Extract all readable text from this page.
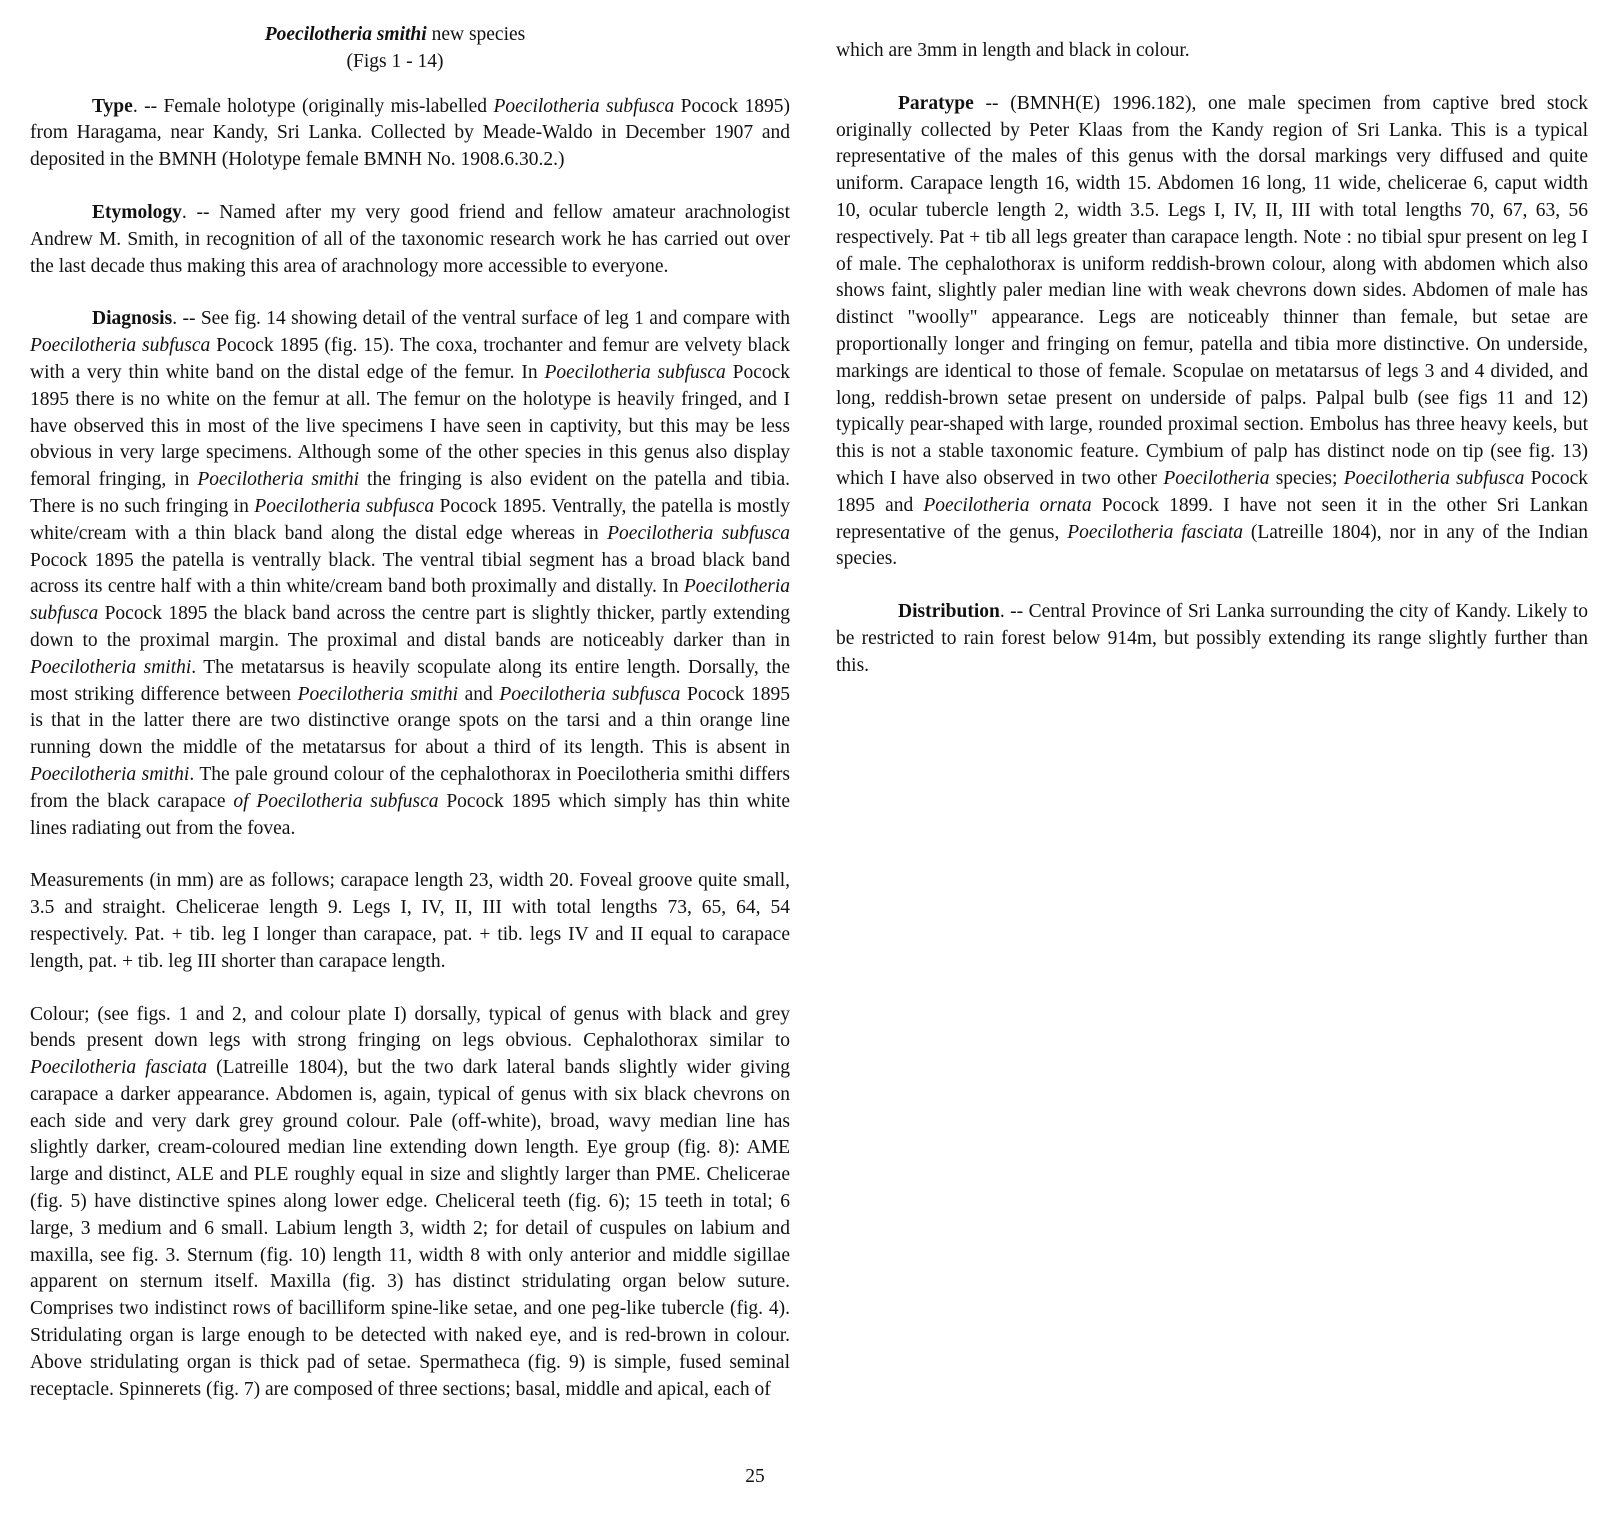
Poecilotheria smithi new species
(Figs 1 - 14)

Type. -- Female holotype (originally mis-labelled Poecilotheria subfusca Pocock 1895) from Haragama, near Kandy, Sri Lanka. Collected by Meade-Waldo in December 1907 and deposited in the BMNH (Holotype female BMNH No. 1908.6.30.2.)

Etymology. -- Named after my very good friend and fellow amateur arachnologist Andrew M. Smith, in recognition of all of the taxonomic research work he has carried out over the last decade thus making this area of arachnology more accessible to everyone.

Diagnosis. -- See fig. 14 showing detail of the ventral surface of leg 1 and compare with Poecilotheria subfusca Pocock 1895 (fig. 15). The coxa, trochanter and femur are velvety black with a very thin white band on the distal edge of the femur. In Poecilotheria subfusca Pocock 1895 there is no white on the femur at all. The femur on the holotype is heavily fringed, and I have observed this in most of the live specimens I have seen in captivity, but this may be less obvious in very large specimens. Although some of the other species in this genus also display femoral fringing, in Poecilotheria smithi the fringing is also evident on the patella and tibia. There is no such fringing in Poecilotheria subfusca Pocock 1895. Ventrally, the patella is mostly white/cream with a thin black band along the distal edge whereas in Poecilotheria subfusca Pocock 1895 the patella is ventrally black. The ventral tibial segment has a broad black band across its centre half with a thin white/cream band both proximally and distally. In Poecilotheria subfusca Pocock 1895 the black band across the centre part is slightly thicker, partly extending down to the proximal margin. The proximal and distal bands are noticeably darker than in Poecilotheria smithi. The metatarsus is heavily scopulate along its entire length. Dorsally, the most striking difference between Poecilotheria smithi and Poecilotheria subfusca Pocock 1895 is that in the latter there are two distinctive orange spots on the tarsi and a thin orange line running down the middle of the metatarsus for about a third of its length. This is absent in Poecilotheria smithi. The pale ground colour of the cephalothorax in Poecilotheria smithi differs from the black carapace of Poecilotheria subfusca Pocock 1895 which simply has thin white lines radiating out from the fovea.

Measurements (in mm) are as follows; carapace length 23, width 20. Foveal groove quite small, 3.5 and straight. Chelicerae length 9. Legs I, IV, II, III with total lengths 73, 65, 64, 54 respectively. Pat. + tib. leg I longer than carapace, pat. + tib. legs IV and II equal to carapace length, pat. + tib. leg III shorter than carapace length.

Colour; (see figs. 1 and 2, and colour plate I) dorsally, typical of genus with black and grey bends present down legs with strong fringing on legs obvious. Cephalothorax similar to Poecilotheria fasciata (Latreille 1804), but the two dark lateral bands slightly wider giving carapace a darker appearance. Abdomen is, again, typical of genus with six black chevrons on each side and very dark grey ground colour. Pale (off-white), broad, wavy median line has slightly darker, cream-coloured median line extending down length. Eye group (fig. 8): AME large and distinct, ALE and PLE roughly equal in size and slightly larger than PME. Chelicerae (fig. 5) have distinctive spines along lower edge. Cheliceral teeth (fig. 6); 15 teeth in total; 6 large, 3 medium and 6 small. Labium length 3, width 2; for detail of cuspules on labium and maxilla, see fig. 3. Sternum (fig. 10) length 11, width 8 with only anterior and middle sigillae apparent on sternum itself. Maxilla (fig. 3) has distinct stridulating organ below suture. Comprises two indistinct rows of bacilliform spine-like setae, and one peg-like tubercle (fig. 4). Stridulating organ is large enough to be detected with naked eye, and is red-brown in colour. Above stridulating organ is thick pad of setae. Spermatheca (fig. 9) is simple, fused seminal receptacle. Spinnerets (fig. 7) are composed of three sections; basal, middle and apical, each of

which are 3mm in length and black in colour.

Paratype -- (BMNH(E) 1996.182), one male specimen from captive bred stock originally collected by Peter Klaas from the Kandy region of Sri Lanka. This is a typical representative of the males of this genus with the dorsal markings very diffused and quite uniform. Carapace length 16, width 15. Abdomen 16 long, 11 wide, chelicerae 6, caput width 10, ocular tubercle length 2, width 3.5. Legs I, IV, II, III with total lengths 70, 67, 63, 56 respectively. Pat + tib all legs greater than carapace length. Note : no tibial spur present on leg I of male. The cephalothorax is uniform reddish-brown colour, along with abdomen which also shows faint, slightly paler median line with weak chevrons down sides. Abdomen of male has distinct "woolly" appearance. Legs are noticeably thinner than female, but setae are proportionally longer and fringing on femur, patella and tibia more distinctive. On underside, markings are identical to those of female. Scopulae on metatarsus of legs 3 and 4 divided, and long, reddish-brown setae present on underside of palps. Palpal bulb (see figs 11 and 12) typically pear-shaped with large, rounded proximal section. Embolus has three heavy keels, but this is not a stable taxonomic feature. Cymbium of palp has distinct node on tip (see fig. 13) which I have also observed in two other Poecilotheria species; Poecilotheria subfusca Pocock 1895 and Poecilotheria ornata Pocock 1899. I have not seen it in the other Sri Lankan representative of the genus, Poecilotheria fasciata (Latreille 1804), nor in any of the Indian species.

Distribution. -- Central Province of Sri Lanka surrounding the city of Kandy. Likely to be restricted to rain forest below 914m, but possibly extending its range slightly further than this.

25
